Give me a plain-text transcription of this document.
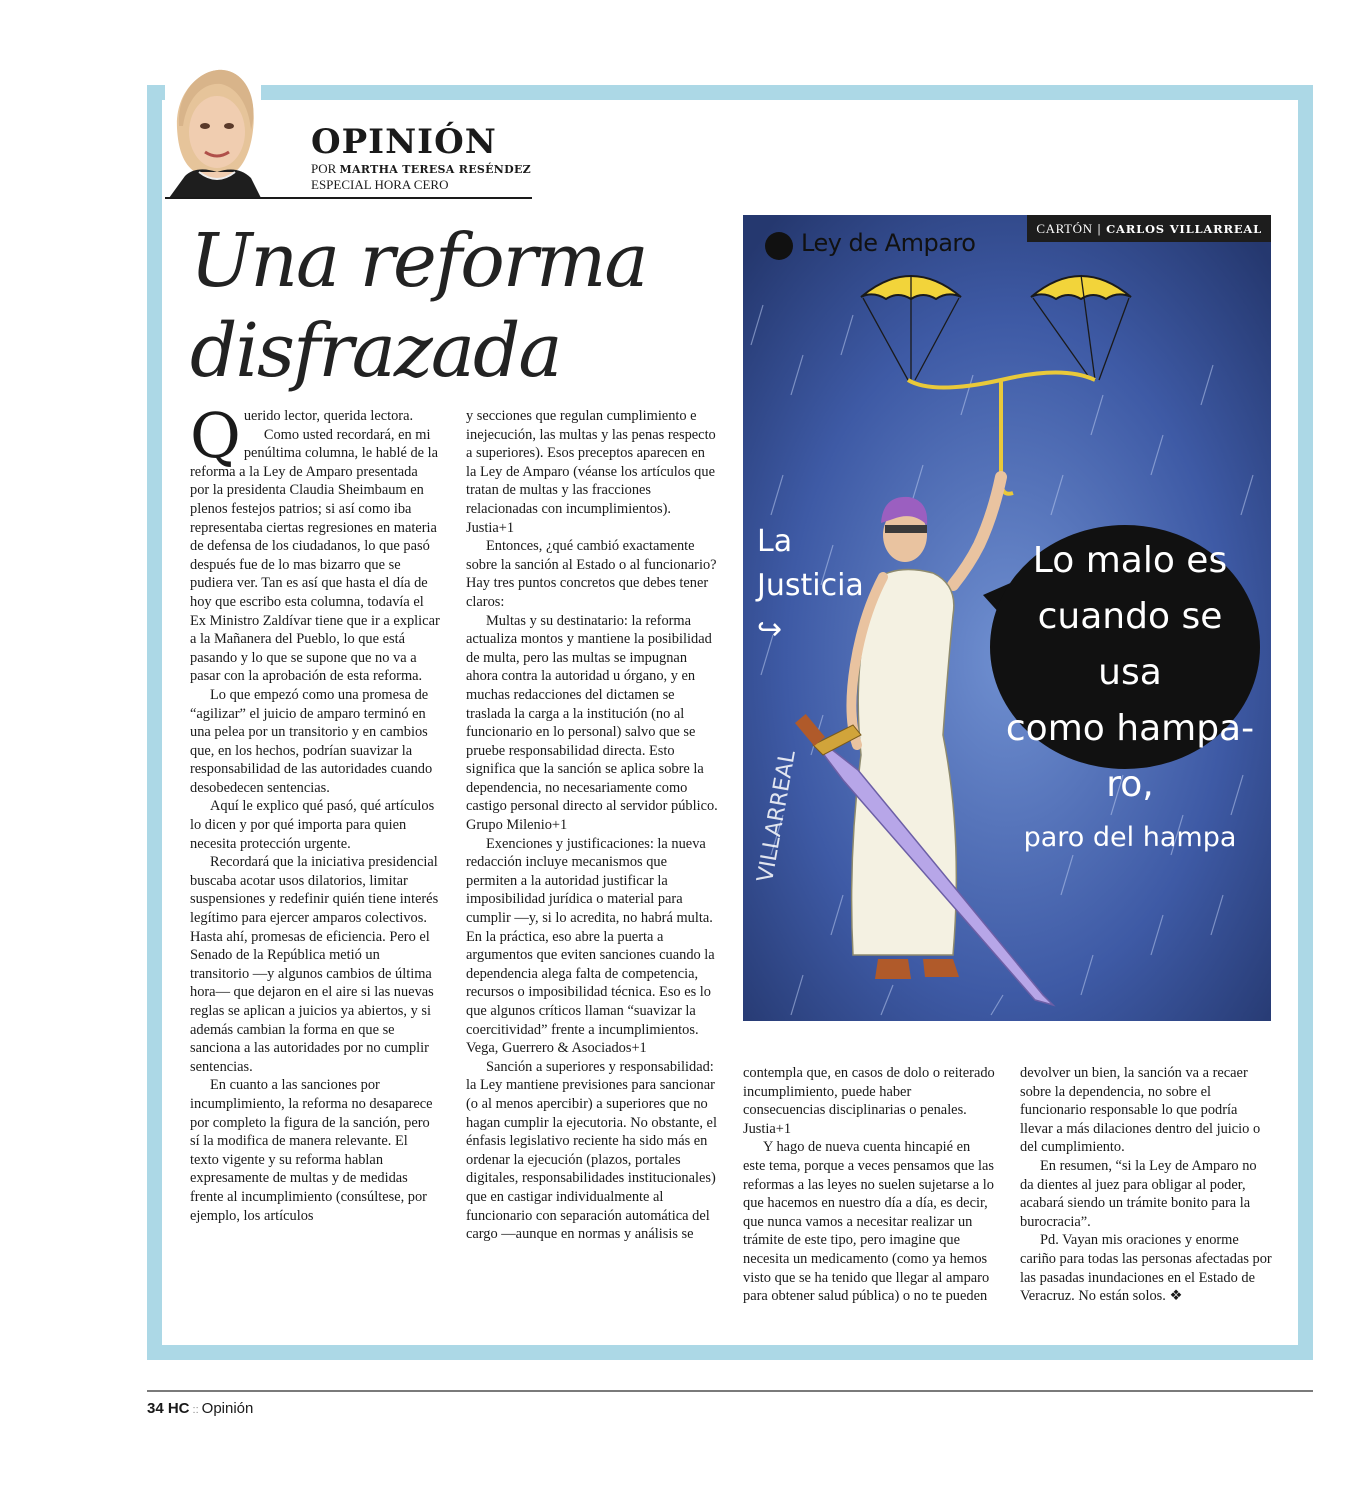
OPINIÓN
POR MARTHA TERESA RESÉNDEZ
ESPECIAL HORA CERO
Una reforma
disfrazada

Querido lector, querida lectora.

Como usted recordará, en mi penúltima columna, le hablé de la reforma a la Ley de Amparo presentada por la presidenta Claudia Sheimbaum en plenos festejos patrios; si así como iba representaba ciertas regresiones en materia de defensa de los ciudadanos, lo que pasó después fue de lo mas bizarro que se pudiera ver. Tan es así que hasta el día de hoy que escribo esta columna, todavía el Ex Ministro Zaldívar tiene que ir a explicar a la Mañanera del Pueblo, lo que está pasando y lo que se supone que no va a pasar con la aprobación de esta reforma.

Lo que empezó como una promesa de “agilizar” el juicio de amparo terminó en una pelea por un transitorio y en cambios que, en los hechos, podrían suavizar la responsabilidad de las autoridades cuando desobedecen sentencias.

Aquí le explico qué pasó, qué artículos lo dicen y por qué importa para quien necesita protección urgente.

Recordará que la iniciativa presidencial buscaba acotar usos dilatorios, limitar suspensiones y redefinir quién tiene interés legítimo para ejercer amparos colectivos. Hasta ahí, promesas de eficiencia. Pero el Senado de la República metió un transitorio —y algunos cambios de última hora— que dejaron en el aire si las nuevas reglas se aplican a juicios ya abiertos, y si además cambian la forma en que se sanciona a las autoridades por no cumplir sentencias.

En cuanto a las sanciones por incumplimiento, la reforma no desaparece por completo la figura de la sanción, pero sí la modifica de manera relevante. El texto vigente y su reforma hablan expresamente de multas y de medidas frente al incumplimiento (consúltese, por ejemplo, los artículos

y secciones que regulan cumplimiento e inejecución, las multas y las penas respecto a superiores). Esos preceptos aparecen en la Ley de Amparo (véanse los artículos que tratan de multas y las fracciones relacionadas con incumplimientos). Justia+1

Entonces, ¿qué cambió exactamente sobre la sanción al Estado o al funcionario? Hay tres puntos concretos que debes tener claros:

Multas y su destinatario: la reforma actualiza montos y mantiene la posibilidad de multa, pero las multas se impugnan ahora contra la autoridad u órgano, y en muchas redacciones del dictamen se traslada la carga a la institución (no al funcionario en lo personal) salvo que se pruebe responsabilidad directa. Esto significa que la sanción se aplica sobre la dependencia, no necesariamente como castigo personal directo al servidor público. Grupo Milenio+1

Exenciones y justificaciones: la nueva redacción incluye mecanismos que permiten a la autoridad justificar la imposibilidad jurídica o material para cumplir —y, si lo acredita, no habrá multa. En la práctica, eso abre la puerta a argumentos que eviten sanciones cuando la dependencia alega falta de competencia, recursos o imposibilidad técnica. Eso es lo que algunos críticos llaman “suavizar la coercitividad” frente a incumplimientos. Vega, Guerrero & Asociados+1

Sanción a superiores y responsabilidad: la Ley mantiene previsiones para sancionar (o al menos apercibir) a superiores que no hagan cumplir la ejecutoria. No obstante, el énfasis legislativo reciente ha sido más en ordenar la ejecución (plazos, portales digitales, responsabilidades institucionales) que en castigar individualmente al funcionario con separación automática del cargo —aunque en normas y análisis se

contempla que, en casos de dolo o reiterado incumplimiento, puede haber consecuencias disciplinarias o penales. Justia+1

Y hago de nueva cuenta hincapié en este tema, porque a veces pensamos que las reformas a las leyes no suelen sujetarse a lo que hacemos en nuestro día a día, es decir, que nunca vamos a necesitar realizar un trámite de este tipo, pero imagine que necesita un medicamento (como ya hemos visto que se ha tenido que llegar al amparo para obtener salud pública) o no te pueden

devolver un bien, la sanción va a recaer sobre la dependencia, no sobre el funcionario responsable lo que podría llevar a más dilaciones dentro del juicio o del cumplimiento.

En resumen, “si la Ley de Amparo no da dientes al juez para obligar al poder, acabará siendo un trámite bonito para la burocracia”.

Pd. Vayan mis oraciones y enorme cariño para todas las personas afectadas por las pasadas inundaciones en el Estado de Veracruz. No están solos. ❖

Ley de Amparo
La
Justicia
↪
Lo malo es
cuando se usa
como hampa-ro,
paro del hampa
VILLARREAL
CARTÓN | CARLOS VILLARREAL
34 HC :: Opinión
